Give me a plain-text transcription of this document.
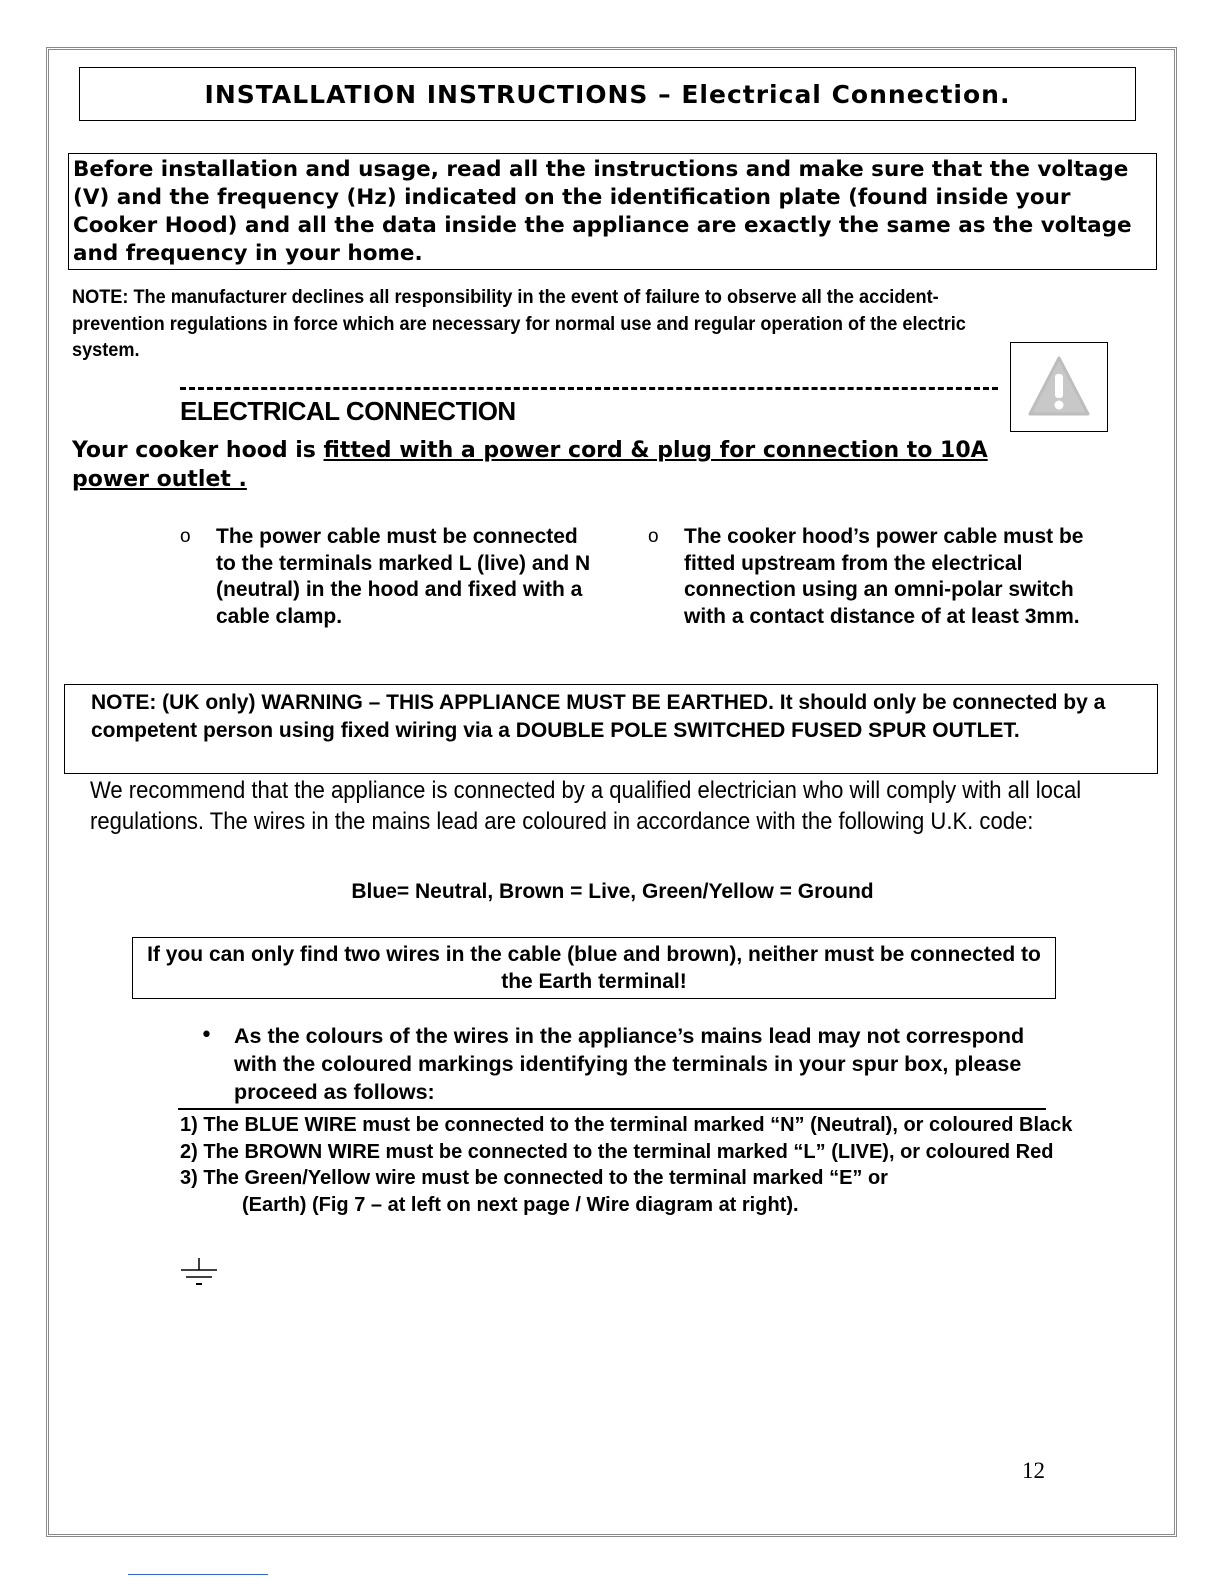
INSTALLATION INSTRUCTIONS – Electrical Connection.
Before installation and usage, read all the instructions and make sure that the voltage (V) and the frequency (Hz) indicated on the identification plate (found inside your Cooker Hood) and all the data inside the appliance are exactly the same as the voltage and frequency in your home.
NOTE: The manufacturer declines all responsibility in the event of failure to observe all the accident-prevention regulations in force which are necessary for normal use and regular operation of the electric system.
ELECTRICAL CONNECTION
Your cooker hood is fitted with a power cord & plug for connection to 10A power outlet .
o The power cable must be connected to the terminals marked L (live) and N (neutral) in the hood and fixed with a cable clamp.
o The cooker hood’s power cable must be fitted upstream from the electrical connection using an omni-polar switch with a contact distance of at least 3mm.
NOTE: (UK only) WARNING – THIS APPLIANCE MUST BE EARTHED. It should only be connected by a competent person using fixed wiring via a DOUBLE POLE SWITCHED FUSED SPUR OUTLET.
We recommend that the appliance is connected by a qualified electrician who will comply with all local regulations. The wires in the mains lead are coloured in accordance with the following U.K. code:
Blue= Neutral, Brown = Live, Green/Yellow = Ground
If you can only find two wires in the cable (blue and brown), neither must be connected to the Earth terminal!
• As the colours of the wires in the appliance’s mains lead may not correspond with the coloured markings identifying the terminals in your spur box, please proceed as follows:
1) The BLUE WIRE must be connected to the terminal marked “N” (Neutral), or coloured Black
2) The BROWN WIRE must be connected to the terminal marked “L” (LIVE), or coloured Red
3) The Green/Yellow wire must be connected to the terminal marked “E” or
(Earth) (Fig 7 – at left on next page / Wire diagram at right).
12
